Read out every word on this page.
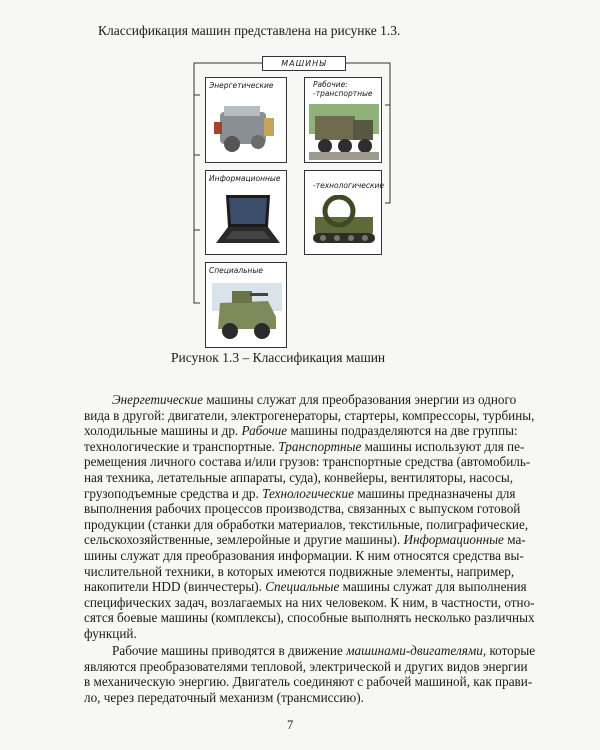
Классификация машин представлена на рисунке 1.3.
МАШИНЫ
Энергетические	Рабочие:
-транспортные
Информационные
-технологические
Специальные
Рисунок 1.3 – Классификация машин

Энергетические машины служат для преобразования энергии из одного
вида в другой: двигатели, электрогенераторы, стартеры, компрессоры, турбины,
холодильные машины и др. Рабочие машины подразделяются на две группы:
технологические и транспортные. Транспортные машины используют для пе-
ремещения личного состава и/или грузов: транспортные средства (автомобиль-
ная техника, летательные аппараты, суда), конвейеры, вентиляторы, насосы,
грузоподъемные средства и др. Технологические машины предназначены для
выполнения рабочих процессов производства, связанных с выпуском готовой
продукции (станки для обработки материалов, текстильные, полиграфические,
сельскохозяйственные, землеройные и другие машины). Информационные ма-
шины служат для преобразования информации. К ним относятся средства вы-
числительной техники, в которых имеются подвижные элементы, например,
накопители HDD (винчестеры). Специальные машины служат для выполнения
специфических задач, возлагаемых на них человеком. К ним, в частности, отно-
сятся боевые машины (комплексы), способные выполнять несколько различных
функций.

Рабочие машины приводятся в движение машинами-двигателями, которые
являются преобразователями тепловой, электрической и других видов энергии
в механическую энергию. Двигатель соединяют с рабочей машиной, как прави-
ло, через передаточный механизм (трансмиссию).

7
